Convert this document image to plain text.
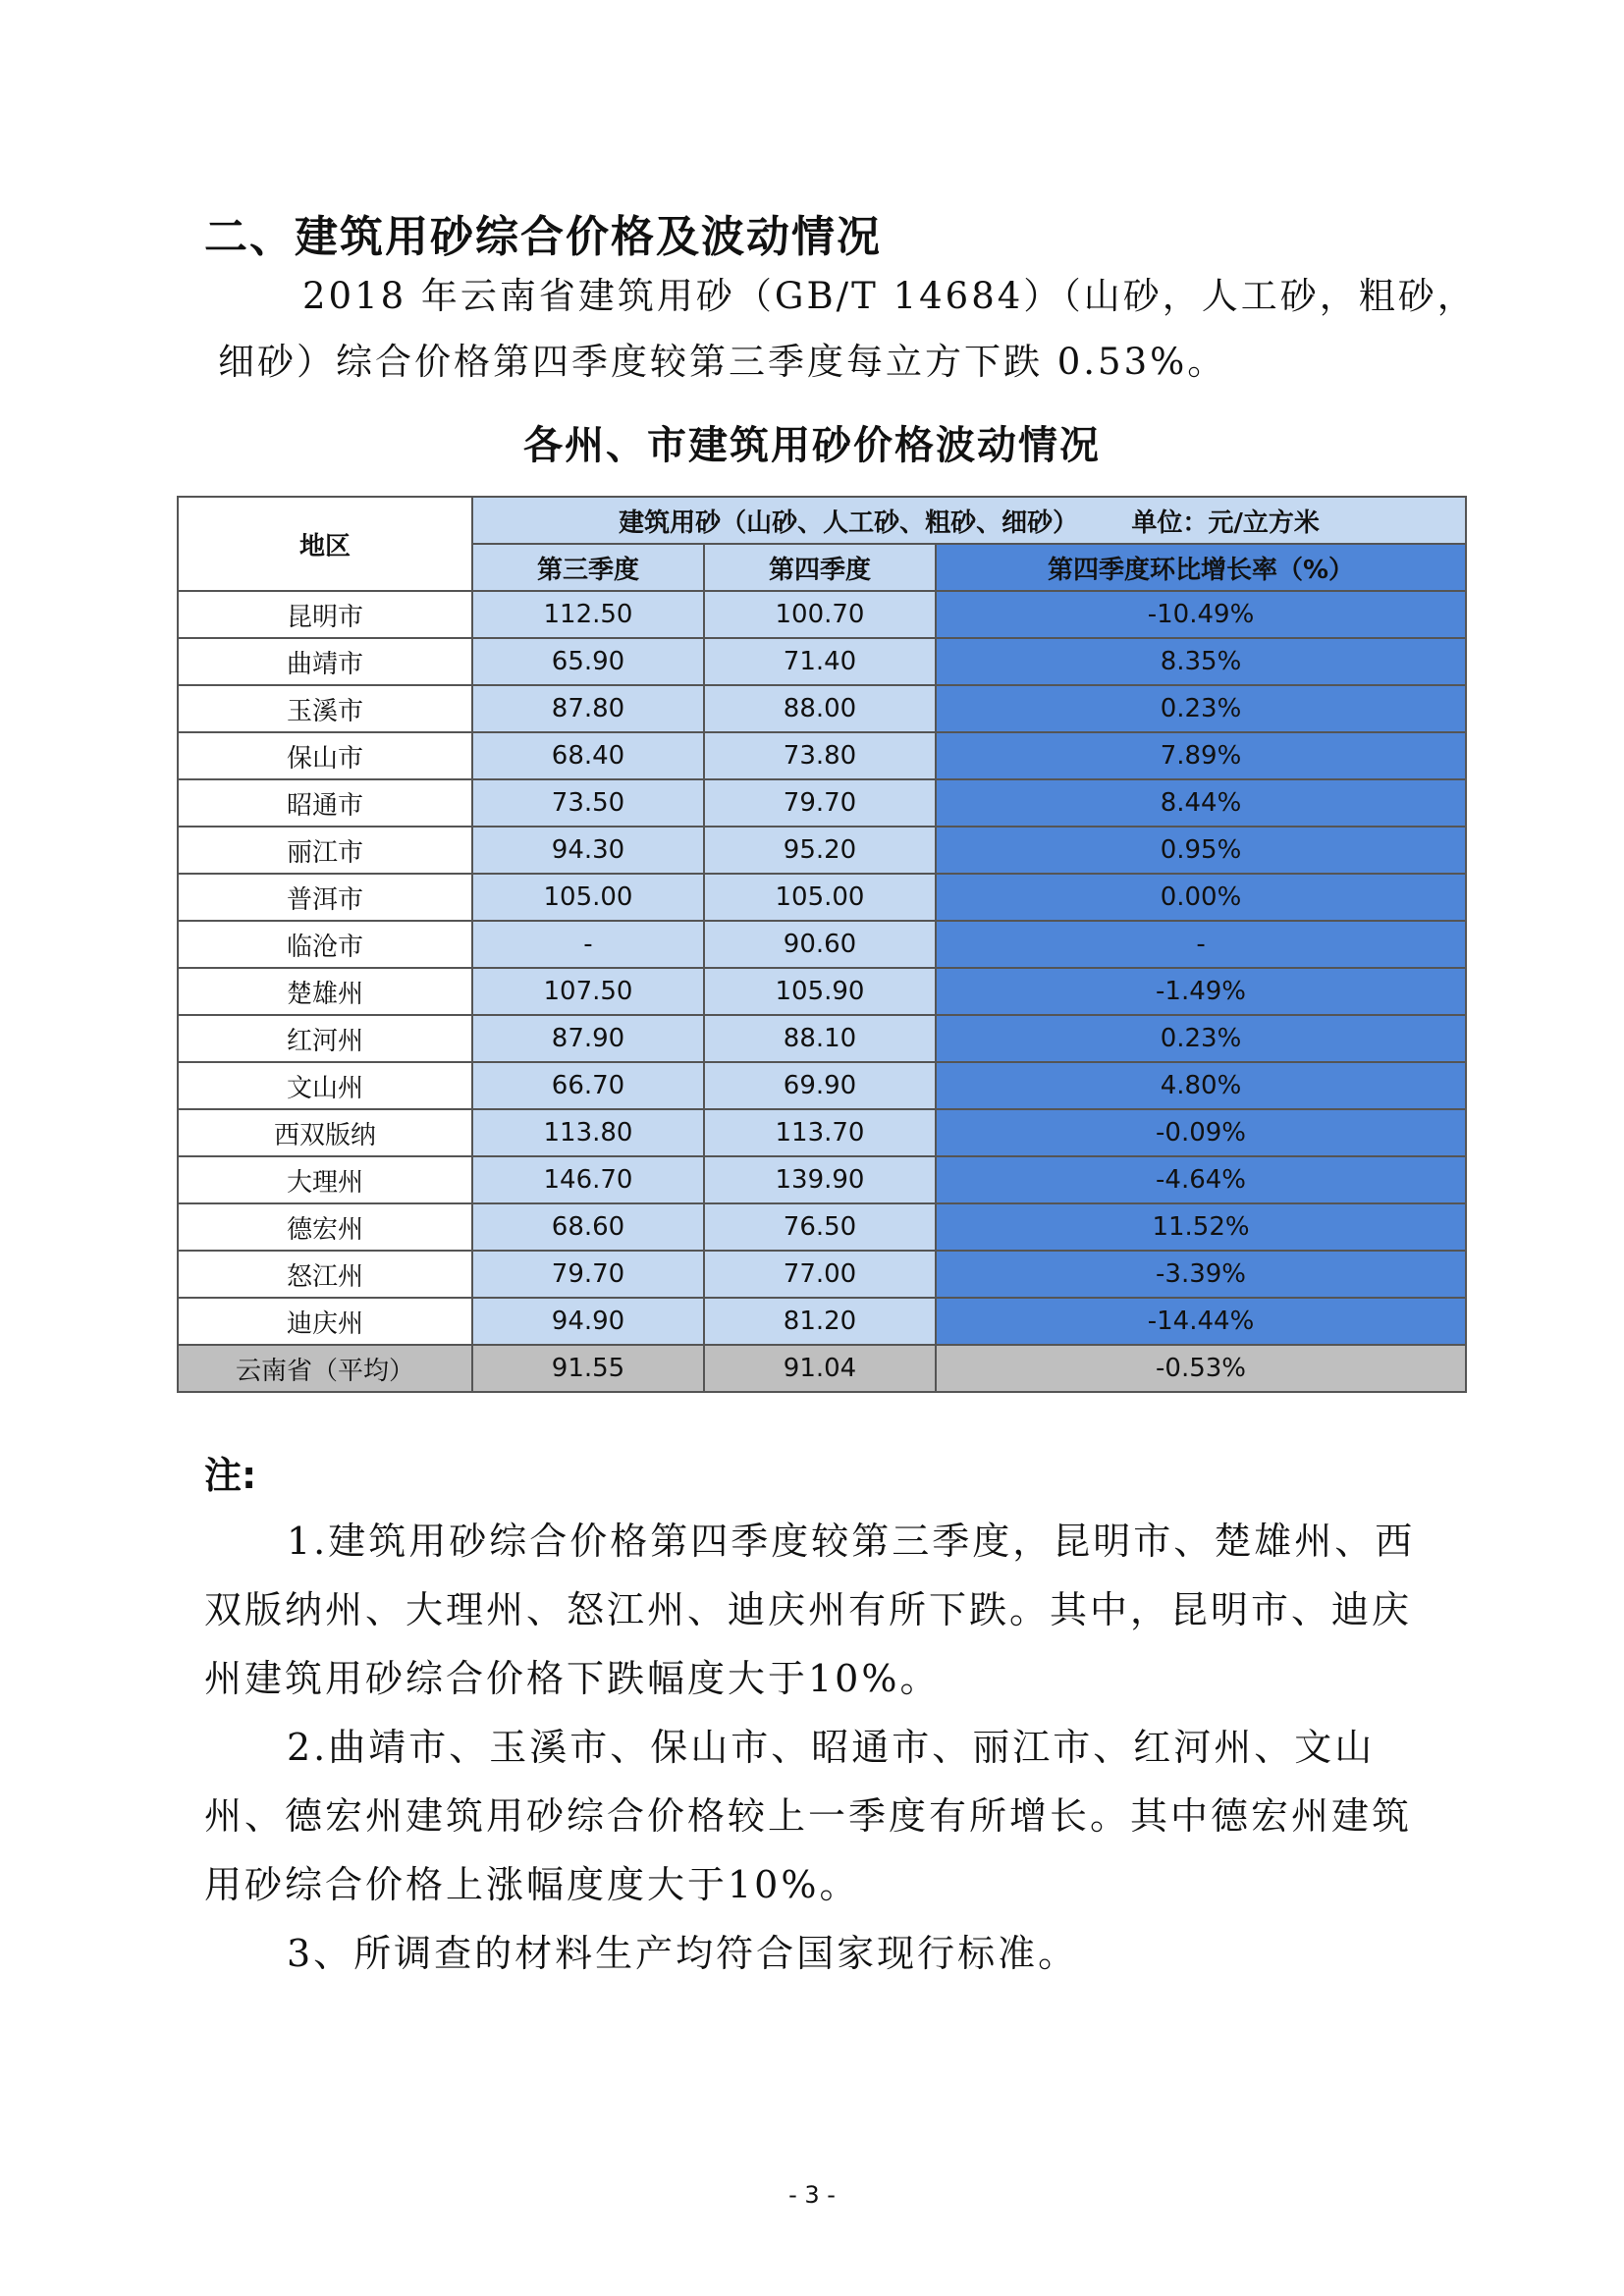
二、建筑用砂综合价格及波动情况
2018 年云南省建筑用砂（GB/T 14684）（山砂，人工砂，粗砂，
细砂）综合价格第四季度较第三季度每立方下跌 0.53%。
各州、市建筑用砂价格波动情况
地区	建筑用砂（山砂、人工砂、粗砂、细砂）      单位：元/立方米		
	第三季度	第四季度	第四季度环比增长率（%）
昆明市	112.50	100.70	-10.49%
曲靖市	65.90	71.40	8.35%
玉溪市	87.80	88.00	0.23%
保山市	68.40	73.80	7.89%
昭通市	73.50	79.70	8.44%
丽江市	94.30	95.20	0.95%
普洱市	105.00	105.00	0.00%
临沧市	-	90.60	-
楚雄州	107.50	105.90	-1.49%
红河州	87.90	88.10	0.23%
文山州	66.70	69.90	4.80%
西双版纳	113.80	113.70	-0.09%
大理州	146.70	139.90	-4.64%
德宏州	68.60	76.50	11.52%
怒江州	79.70	77.00	-3.39%
迪庆州	94.90	81.20	-14.44%
云南省（平均）	91.55	91.04	-0.53%
注:
1.建筑用砂综合价格第四季度较第三季度，昆明市、楚雄州、西双版纳州、大理州、怒江州、迪庆州有所下跌。其中，昆明市、迪庆州建筑用砂综合价格下跌幅度大于10%。
2.曲靖市、玉溪市、保山市、昭通市、丽江市、红河州、文山州、德宏州建筑用砂综合价格较上一季度有所增长。其中德宏州建筑用砂综合价格上涨幅度度大于10%。
3、所调查的材料生产均符合国家现行标准。
- 3 -
